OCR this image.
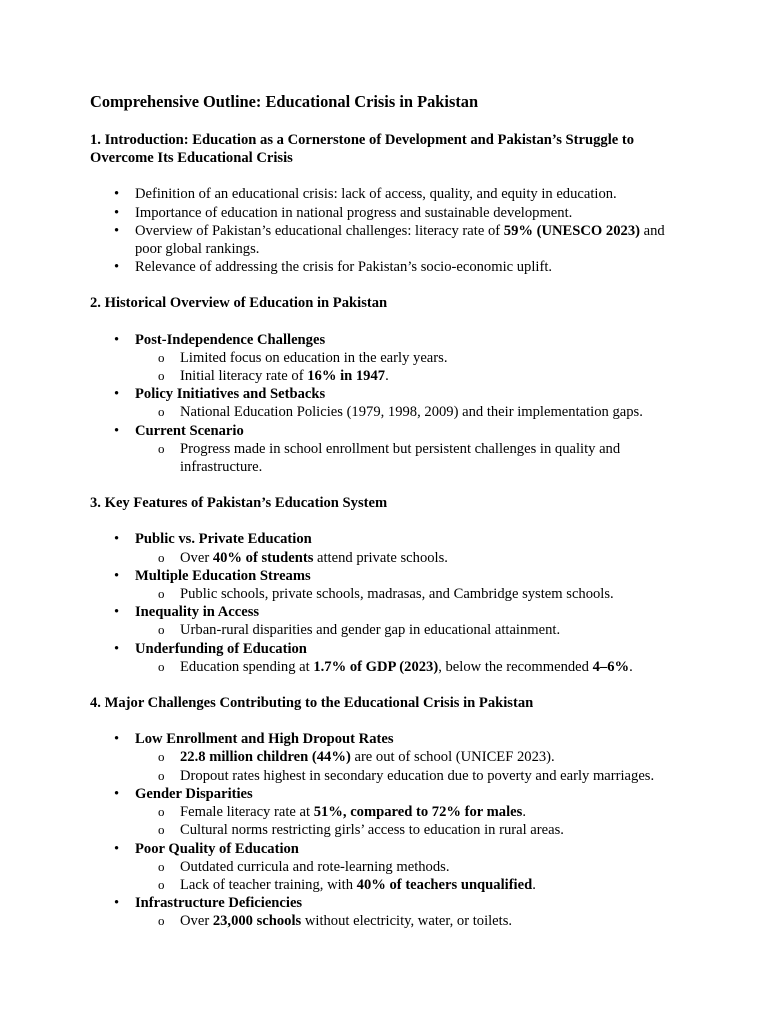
Comprehensive Outline: Educational Crisis in Pakistan
1. Introduction: Education as a Cornerstone of Development and Pakistan’s Struggle to Overcome Its Educational Crisis
• Definition of an educational crisis: lack of access, quality, and equity in education.
• Importance of education in national progress and sustainable development.
• Overview of Pakistan’s educational challenges: literacy rate of 59% (UNESCO 2023) and poor global rankings.
• Relevance of addressing the crisis for Pakistan’s socio-economic uplift.
2. Historical Overview of Education in Pakistan
• Post-Independence Challenges
o Limited focus on education in the early years.
o Initial literacy rate of 16% in 1947.
• Policy Initiatives and Setbacks
o National Education Policies (1979, 1998, 2009) and their implementation gaps.
• Current Scenario
o Progress made in school enrollment but persistent challenges in quality and infrastructure.
3. Key Features of Pakistan’s Education System
• Public vs. Private Education
o Over 40% of students attend private schools.
• Multiple Education Streams
o Public schools, private schools, madrasas, and Cambridge system schools.
• Inequality in Access
o Urban-rural disparities and gender gap in educational attainment.
• Underfunding of Education
o Education spending at 1.7% of GDP (2023), below the recommended 4–6%.
4. Major Challenges Contributing to the Educational Crisis in Pakistan
• Low Enrollment and High Dropout Rates
o 22.8 million children (44%) are out of school (UNICEF 2023).
o Dropout rates highest in secondary education due to poverty and early marriages.
• Gender Disparities
o Female literacy rate at 51%, compared to 72% for males.
o Cultural norms restricting girls’ access to education in rural areas.
• Poor Quality of Education
o Outdated curricula and rote-learning methods.
o Lack of teacher training, with 40% of teachers unqualified.
• Infrastructure Deficiencies
o Over 23,000 schools without electricity, water, or toilets.
